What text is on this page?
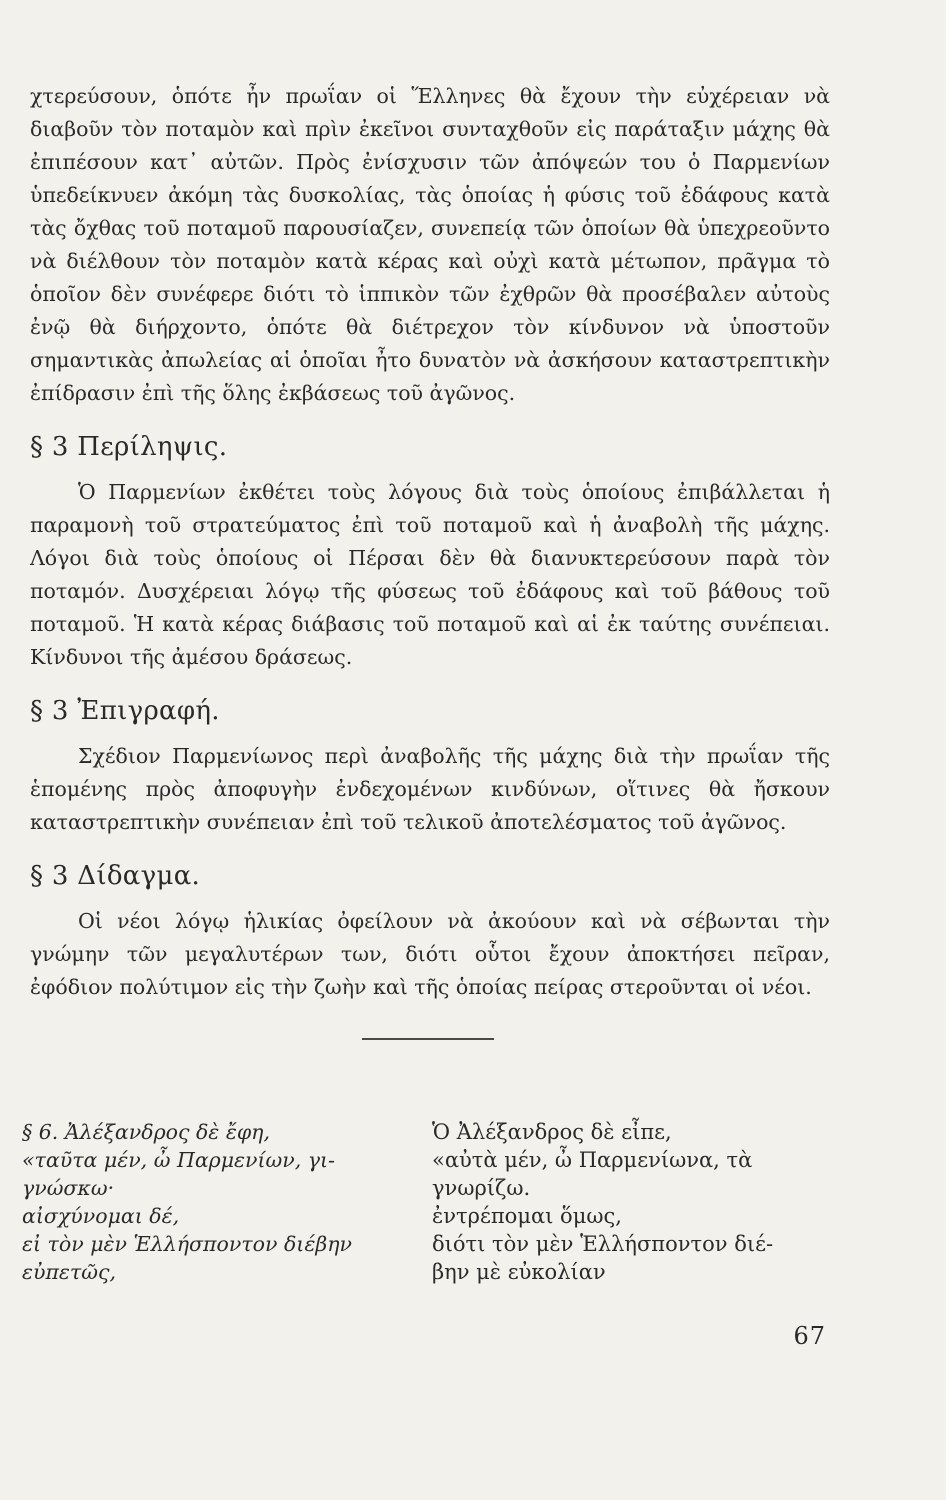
χτερεύσουν, ὁπότε ἦν πρωΐαν οἱ Ἕλληνες θὰ ἔχουν τὴν εὐχέρειαν νὰ διαβοῦν τὸν ποταμὸν καὶ πρὶν ἐκεῖνοι συνταχθοῦν εἰς παράταξιν μάχης θὰ ἐπιπέσουν κατ᾽ αὐτῶν. Πρὸς ἐνίσχυσιν τῶν ἀπόψεών του ὁ Παρμενίων ὑπεδείκνυεν ἀκόμη τὰς δυσκολίας, τὰς ὁποίας ἡ φύσις τοῦ ἐδάφους κατὰ τὰς ὄχθας τοῦ ποταμοῦ παρουσίαζεν, συνεπείᾳ τῶν ὁποίων θὰ ὑπεχρεοῦντο νὰ διέλθουν τὸν ποταμὸν κατὰ κέρας καὶ οὐχὶ κατὰ μέτωπον, πρᾶγμα τὸ ὁποῖον δὲν συνέφερε διότι τὸ ἱππικὸν τῶν ἐχθρῶν θὰ προσέβαλεν αὐτοὺς ἐνῷ θὰ διήρχοντο, ὁπότε θὰ διέτρεχον τὸν κίνδυνον νὰ ὑποστοῦν σημαντικὰς ἀπωλείας αἱ ὁποῖαι ἦτο δυνατὸν νὰ ἀσκήσουν καταστρεπτικὴν ἐπίδρασιν ἐπὶ τῆς ὅλης ἐκβάσεως τοῦ ἀγῶνος.

§ 3 Περίληψις.

Ὁ Παρμενίων ἐκθέτει τοὺς λόγους διὰ τοὺς ὁποίους ἐπιβάλλεται ἡ παραμονὴ τοῦ στρατεύματος ἐπὶ τοῦ ποταμοῦ καὶ ἡ ἀναβολὴ τῆς μάχης. Λόγοι διὰ τοὺς ὁποίους οἱ Πέρσαι δὲν θὰ διανυκτερεύσουν παρὰ τὸν ποταμόν. Δυσχέρειαι λόγῳ τῆς φύσεως τοῦ ἐδάφους καὶ τοῦ βάθους τοῦ ποταμοῦ. Ἡ κατὰ κέρας διάβασις τοῦ ποταμοῦ καὶ αἱ ἐκ ταύτης συνέπειαι. Κίνδυνοι τῆς ἀμέσου δράσεως.

§ 3 Ἐπιγραφή.

Σχέδιον Παρμενίωνος περὶ ἀναβολῆς τῆς μάχης διὰ τὴν πρωΐαν τῆς ἑπομένης πρὸς ἀποφυγὴν ἐνδεχομένων κινδύνων, οἵτινες θὰ ἤσκουν καταστρεπτικὴν συνέπειαν ἐπὶ τοῦ τελικοῦ ἀποτελέσματος τοῦ ἀγῶνος.

§ 3 Δίδαγμα.

Οἱ νέοι λόγῳ ἡλικίας ὀφείλουν νὰ ἀκούουν καὶ νὰ σέβωνται τὴν γνώμην τῶν μεγαλυτέρων των, διότι οὗτοι ἔχουν ἀποκτήσει πεῖραν, ἐφόδιον πολύτιμον εἰς τὴν ζωὴν καὶ τῆς ὁποίας πείρας στεροῦνται οἱ νέοι.

§ 6. Ἀλέξανδρος δὲ ἔφη,
«ταῦτα μέν, ὦ Παρμενίων, γι-
γνώσκω·
αἰσχύνομαι δέ,
εἰ τὸν μὲν Ἑλλήσποντον διέβην
εὐπετῶς,
Ὁ Ἀλέξανδρος δὲ εἶπε,
«αὐτὰ μέν, ὦ Παρμενίωνα, τὰ
γνωρίζω.
ἐντρέπομαι ὅμως,
διότι τὸν μὲν Ἑλλήσποντον διέ-
βην μὲ εὐκολίαν
67
